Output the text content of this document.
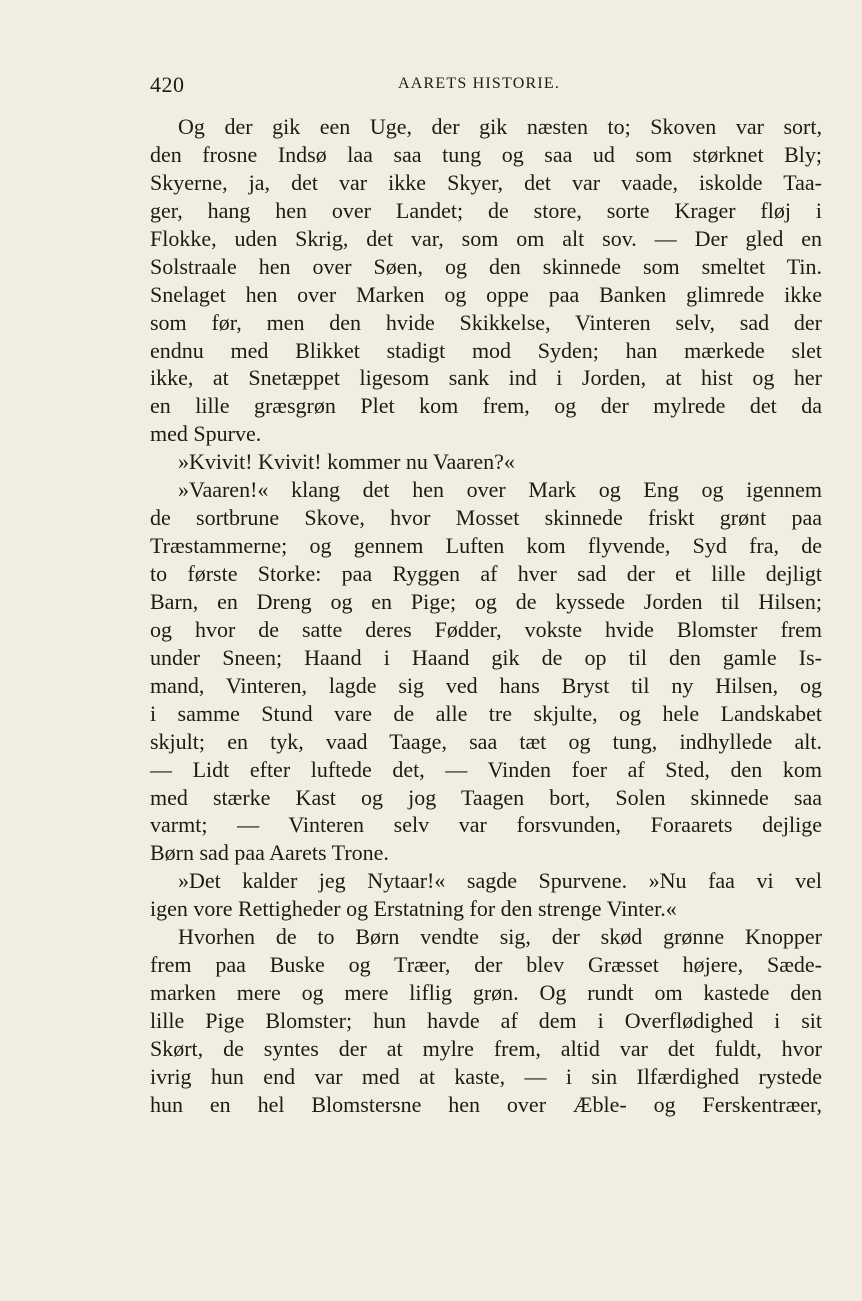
420	AARETS HISTORIE.
Og der gik een Uge, der gik næsten to; Skoven var sort,
den frosne Indsø laa saa tung og saa ud som størknet Bly;
Skyerne, ja, det var ikke Skyer, det var vaade, iskolde Taa-
ger, hang hen over Landet; de store, sorte Krager fløj i
Flokke, uden Skrig, det var, som om alt sov. — Der gled en
Solstraale hen over Søen, og den skinnede som smeltet Tin.
Snelaget hen over Marken og oppe paa Banken glimrede ikke
som før, men den hvide Skikkelse, Vinteren selv, sad der
endnu med Blikket stadigt mod Syden; han mærkede slet
ikke, at Snetæppet ligesom sank ind i Jorden, at hist og her
en lille græsgrøn Plet kom frem, og der mylrede det da
med Spurve.
»Kvivit! Kvivit! kommer nu Vaaren?«
»Vaaren!« klang det hen over Mark og Eng og igennem
de sortbrune Skove, hvor Mosset skinnede friskt grønt paa
Træstammerne; og gennem Luften kom flyvende, Syd fra, de
to første Storke: paa Ryggen af hver sad der et lille dejligt
Barn, en Dreng og en Pige; og de kyssede Jorden til Hilsen;
og hvor de satte deres Fødder, vokste hvide Blomster frem
under Sneen; Haand i Haand gik de op til den gamle Is-
mand, Vinteren, lagde sig ved hans Bryst til ny Hilsen, og
i samme Stund vare de alle tre skjulte, og hele Landskabet
skjult; en tyk, vaad Taage, saa tæt og tung, indhyllede alt.
— Lidt efter luftede det, — Vinden foer af Sted, den kom
med stærke Kast og jog Taagen bort, Solen skinnede saa
varmt; — Vinteren selv var forsvunden, Foraarets dejlige
Børn sad paa Aarets Trone.
»Det kalder jeg Nytaar!« sagde Spurvene. »Nu faa vi vel
igen vore Rettigheder og Erstatning for den strenge Vinter.«
Hvorhen de to Børn vendte sig, der skød grønne Knopper
frem paa Buske og Træer, der blev Græsset højere, Sæde-
marken mere og mere liflig grøn. Og rundt om kastede den
lille Pige Blomster; hun havde af dem i Overflødighed i sit
Skørt, de syntes der at mylre frem, altid var det fuldt, hvor
ivrig hun end var med at kaste, — i sin Ilfærdighed rystede
hun en hel Blomstersne hen over Æble- og Ferskentræer,
